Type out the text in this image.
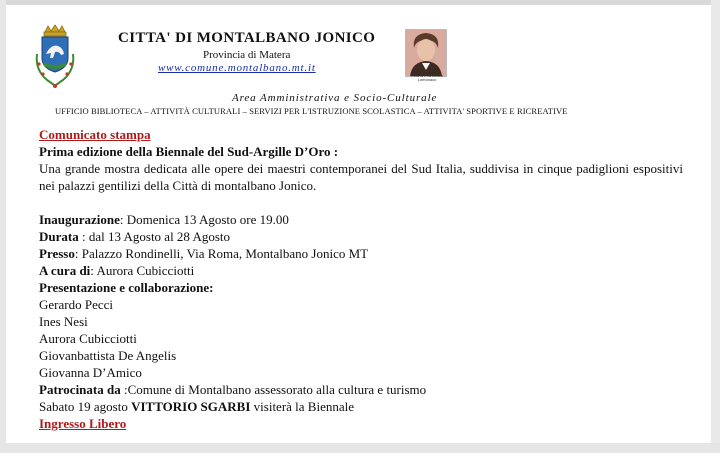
CITTA' DI MONTALBANO JONICO
Provincia di Matera
www.comune.montalbano.mt.it
Città di Francesco Lomonaco
Area Amministrativa e Socio-Culturale
UFFICIO BIBLIOTECA – ATTIVITÀ CULTURALI – SERVIZI PER L'ISTRUZIONE SCOLASTICA – ATTIVITA' SPORTIVE E RICREATIVE

Comunicato stampa

Prima edizione della Biennale del Sud-Argille D’Oro :

Una grande mostra dedicata alle opere dei maestri contemporanei del Sud Italia, suddivisa in cinque padiglioni espositivi nei palazzi gentilizi della Città di montalbano Jonico.

Inaugurazione: Domenica 13 Agosto ore 19.00

Durata : dal 13 Agosto al 28 Agosto

Presso: Palazzo Rondinelli, Via Roma, Montalbano Jonico MT

A cura di: Aurora Cubicciotti

Presentazione e collaborazione:

Gerardo Pecci

Ines Nesi

Aurora Cubicciotti

Giovanbattista De Angelis

Giovanna D’Amico

Patrocinata da :Comune di Montalbano assessorato alla cultura e turismo

Sabato 19 agosto VITTORIO SGARBI visiterà la Biennale

Ingresso Libero
